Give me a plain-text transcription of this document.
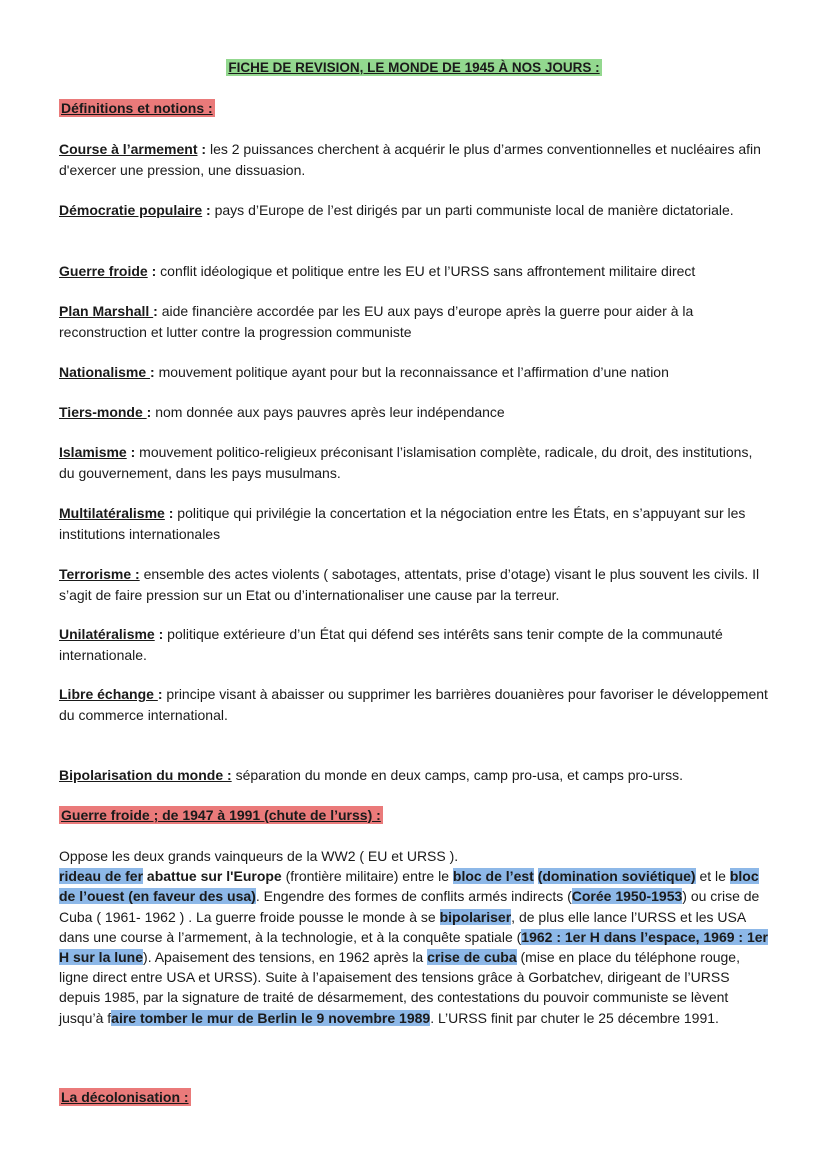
FICHE DE REVISION, LE MONDE DE 1945 À NOS JOURS :
Définitions et notions :
Course à l’armement : les 2 puissances cherchent à acquérir le plus d’armes conventionnelles et nucléaires afin d'exercer une pression, une dissuasion.
Démocratie populaire : pays d’Europe de l’est dirigés par un parti communiste local de manière dictatoriale.
Guerre froide : conflit idéologique et politique entre les EU et l’URSS sans affrontement militaire direct
Plan Marshall : aide financière accordée par les EU aux pays d’europe après la guerre pour aider à la reconstruction et lutter contre la progression communiste
Nationalisme : mouvement politique ayant pour but la reconnaissance et l’affirmation d’une nation
Tiers-monde : nom donnée aux pays pauvres après leur indépendance
Islamisme : mouvement politico-religieux préconisant l’islamisation complète, radicale, du droit, des institutions, du gouvernement, dans les pays musulmans.
Multilatéralisme : politique qui privilégie la concertation et la négociation entre les États, en s’appuyant sur les institutions internationales
Terrorisme : ensemble des actes violents ( sabotages, attentats, prise d’otage) visant le plus souvent les civils. Il s’agit de faire pression sur un Etat ou d’internationaliser une cause par la terreur.
Unilatéralisme : politique extérieure d’un État qui défend ses intérêts sans tenir compte de la communauté internationale.
Libre échange : principe visant à abaisser ou supprimer les barrières douanières pour favoriser le développement du commerce international.
Bipolarisation du monde : séparation du monde en deux camps, camp pro-usa, et camps pro-urss.
Guerre froide ; de 1947 à 1991 (chute de l’urss) :
Oppose les deux grands vainqueurs de la WW2 ( EU et URSS ).
rideau de fer abattue sur l'Europe (frontière militaire) entre le bloc de l’est (domination soviétique) et le bloc de l’ouest (en faveur des usa). Engendre des formes de conflits armés indirects (Corée 1950-1953) ou crise de Cuba ( 1961- 1962 ) . La guerre froide pousse le monde à se bipolariser, de plus elle lance l’URSS et les USA dans une course à l’armement, à la technologie, et à la conquête spatiale (1962 : 1er H dans l’espace, 1969 : 1er H sur la lune). Apaisement des tensions, en 1962 après la crise de cuba (mise en place du téléphone rouge, ligne direct entre USA et URSS). Suite à l’apaisement des tensions grâce à Gorbatchev, dirigeant de l’URSS depuis 1985, par la signature de traité de désarmement, des contestations du pouvoir communiste se lèvent jusqu’à faire tomber le mur de Berlin le 9 novembre 1989. L’URSS finit par chuter le 25 décembre 1991.
La décolonisation :
